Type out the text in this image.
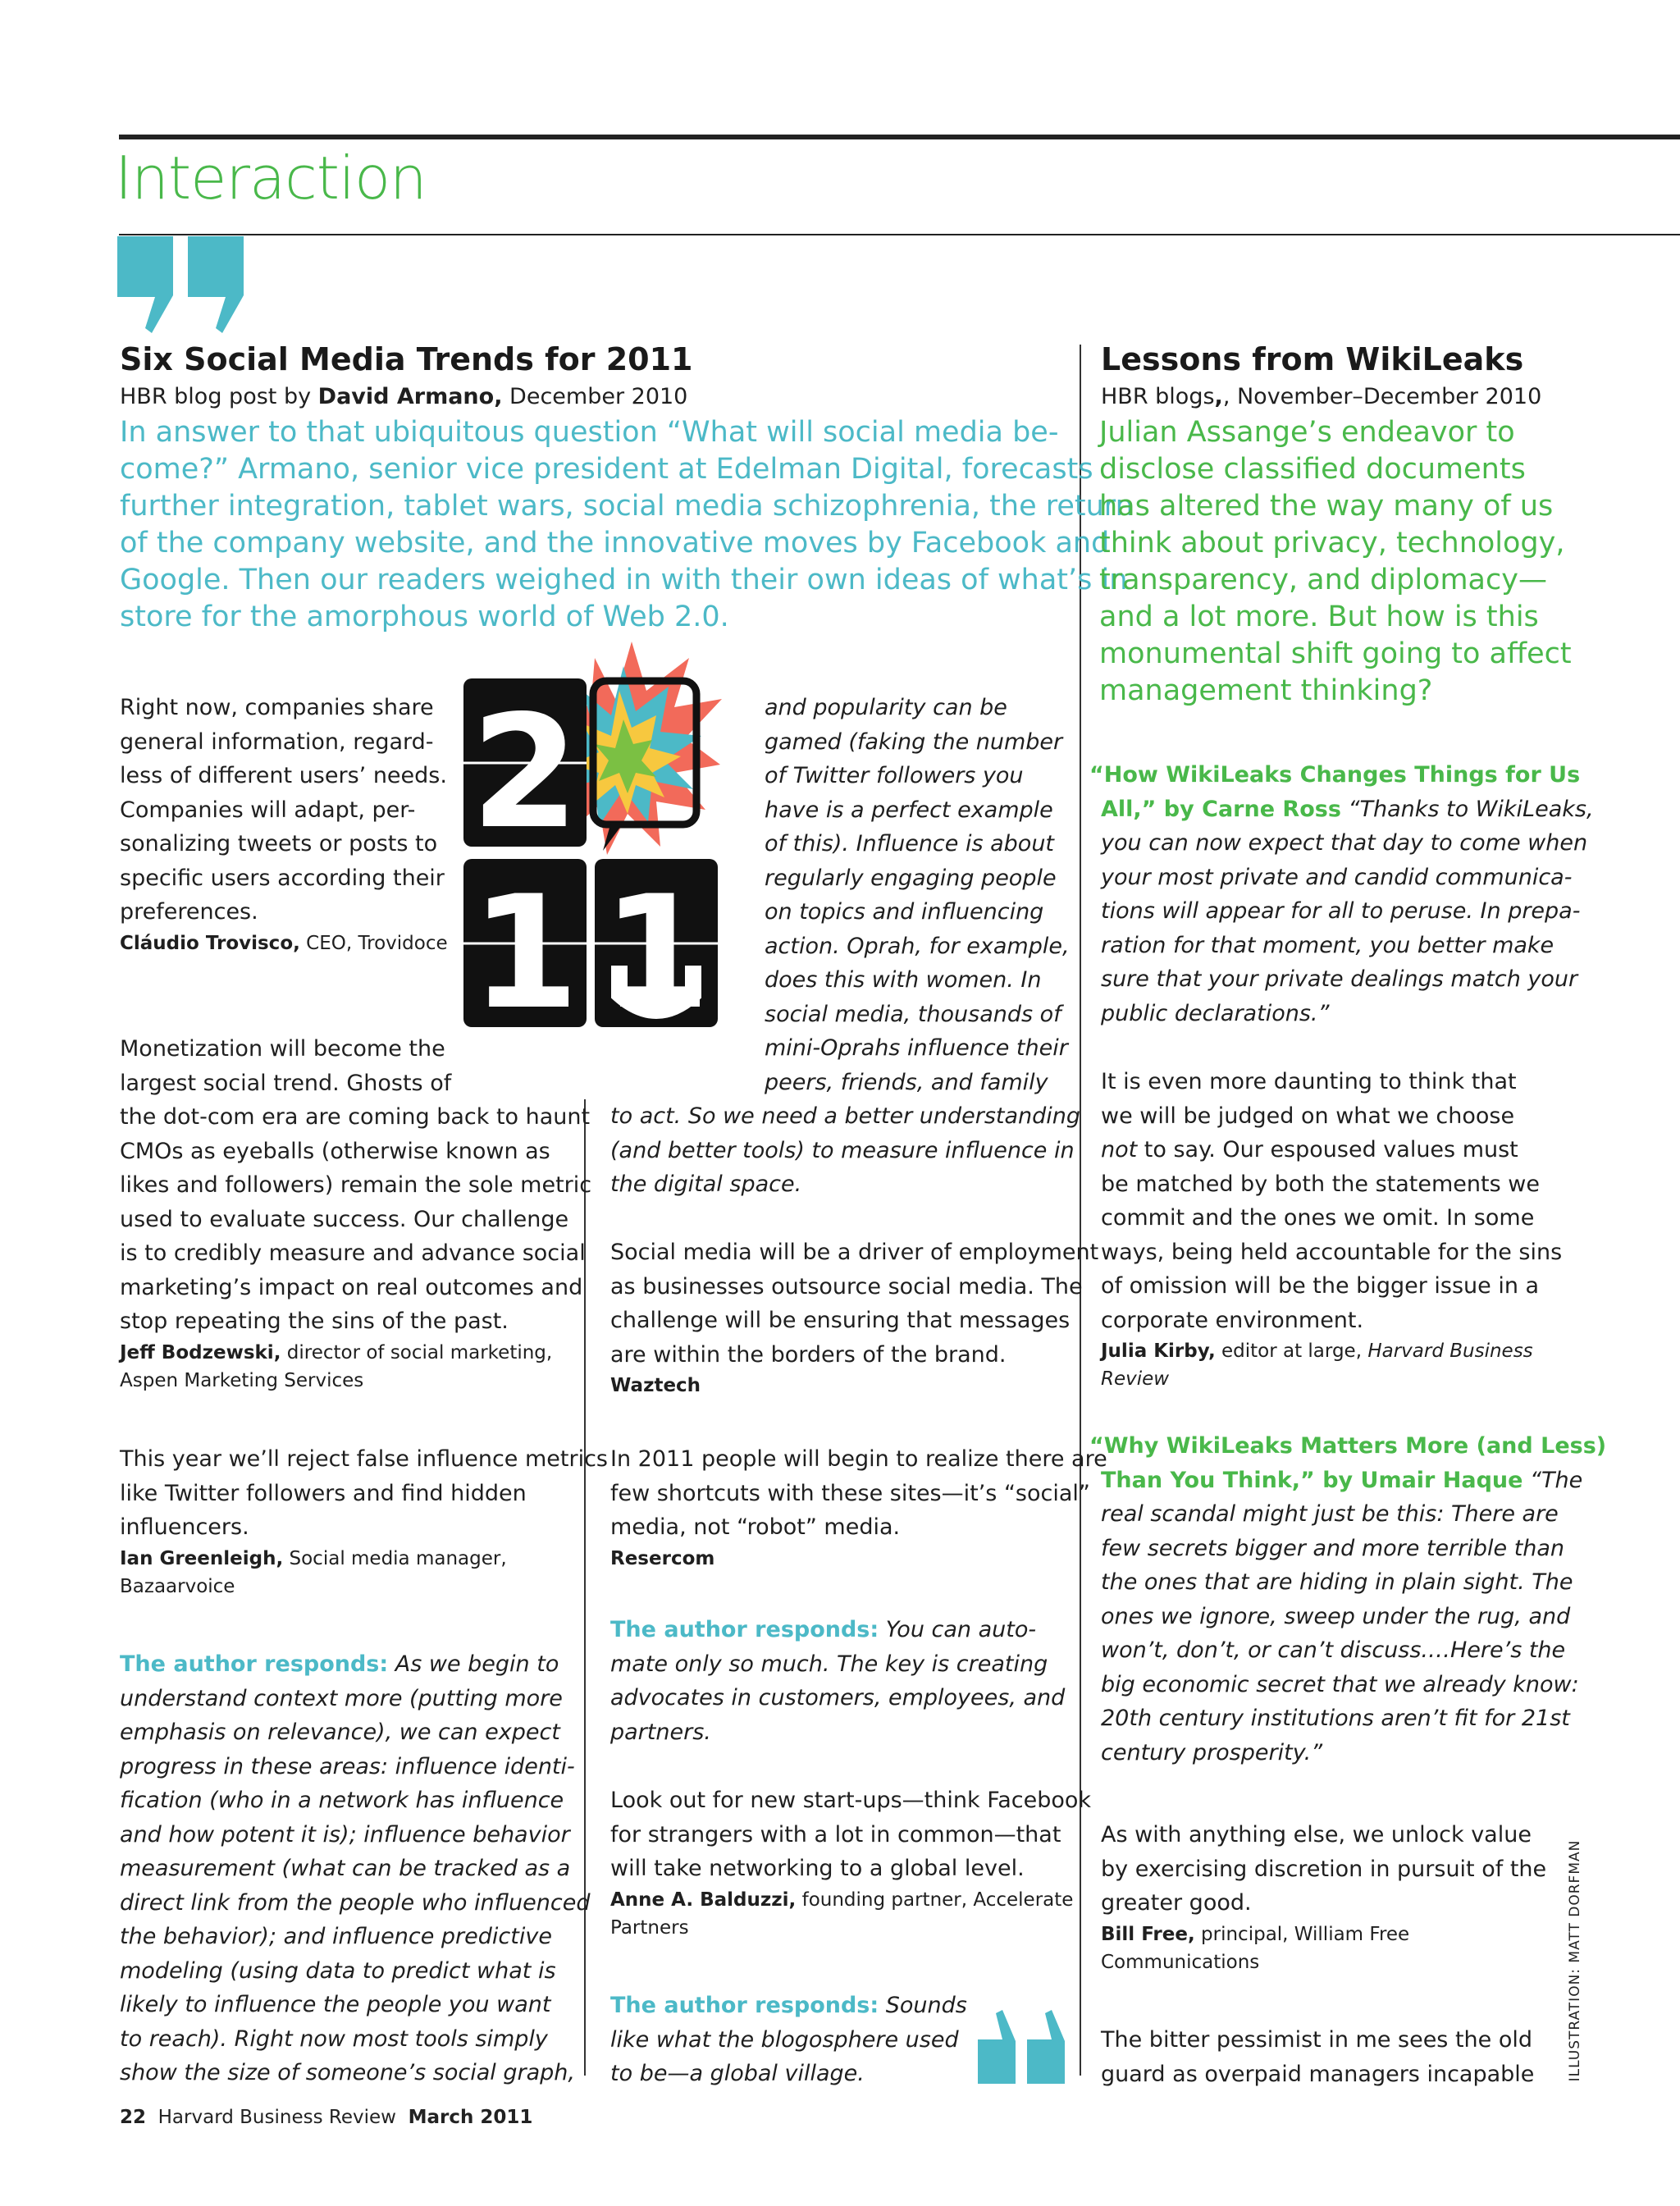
Interaction
Six Social Media Trends for 2011
HBR blog post by David Armano, December 2010
In answer to that ubiquitous question “What will social media be-
come?” Armano, senior vice president at Edelman Digital, forecasts
further integration, tablet wars, social media schizophrenia, the return
of the company website, and the innovative moves by Facebook and
Google. Then our readers weighed in with their own ideas of what’s in
store for the amorphous world of Web 2.0.
2
1 1
Right now, companies share
general information, regard-
less of different users’ needs.
Companies will adapt, per-
sonalizing tweets or posts to
specific users according their
preferences.
Cláudio Trovisco, CEO, Trovidoce
Monetization will become the
largest social trend. Ghosts of
the dot-com era are coming back to haunt
CMOs as eyeballs (otherwise known as
likes and followers) remain the sole metric
used to evaluate success. Our challenge
is to credibly measure and advance social
marketing’s impact on real outcomes and
stop repeating the sins of the past.
Jeff Bodzewski, director of social marketing,
Aspen Marketing Services
This year we’ll reject false influence metrics
like Twitter followers and find hidden
influencers.
Ian Greenleigh, Social media manager,
Bazaarvoice
The author responds: As we begin to
understand context more (putting more
emphasis on relevance), we can expect
progress in these areas: influence identi-
fication (who in a network has influence
and how potent it is); influence behavior
measurement (what can be tracked as a
direct link from the people who influenced
the behavior); and influence predictive
modeling (using data to predict what is
likely to influence the people you want
to reach). Right now most tools simply
show the size of someone’s social graph,
and popularity can be
gamed (faking the number
of Twitter followers you
have is a perfect example
of this). Influence is about
regularly engaging people
on topics and influencing
action. Oprah, for example,
does this with women. In
social media, thousands of
mini-Oprahs influence their
peers, friends, and family
to act. So we need a better understanding
(and better tools) to measure influence in
the digital space.
Social media will be a driver of employment
as businesses outsource social media. The
challenge will be ensuring that messages
are within the borders of the brand.
Waztech
In 2011 people will begin to realize there are
few shortcuts with these sites—it’s “social”
media, not “robot” media.
Resercom
The author responds: You can auto-
mate only so much. The key is creating
advocates in customers, employees, and
partners.
Look out for new start-ups—think Facebook
for strangers with a lot in common—that
will take networking to a global level.
Anne A. Balduzzi, founding partner, Accelerate
Partners
The author responds: Sounds
like what the blogosphere used
to be—a global village.
Lessons from WikiLeaks
HBR blogs,, November–December 2010
Julian Assange’s endeavor to
disclose classified documents
has altered the way many of us
think about privacy, technology,
transparency, and diplomacy—
and a lot more. But how is this
monumental shift going to affect
management thinking?
“How WikiLeaks Changes Things for Us
All,” by Carne Ross “Thanks to WikiLeaks,
you can now expect that day to come when
your most private and candid communica-
tions will appear for all to peruse. In prepa-
ration for that moment, you better make
sure that your private dealings match your
public declarations.”
It is even more daunting to think that
we will be judged on what we choose
not to say. Our espoused values must
be matched by both the statements we
commit and the ones we omit. In some
ways, being held accountable for the sins
of omission will be the bigger issue in a
corporate environment.
Julia Kirby, editor at large, Harvard Business
Review
“Why WikiLeaks Matters More (and Less)
Than You Think,” by Umair Haque “The
real scandal might just be this: There are
few secrets bigger and more terrible than
the ones that are hiding in plain sight. The
ones we ignore, sweep under the rug, and
won’t, don’t, or can’t discuss.…Here’s the
big economic secret that we already know:
20th century institutions aren’t fit for 21st
century prosperity.”
As with anything else, we unlock value
by exercising discretion in pursuit of the
greater good.
Bill Free, principal, William Free
Communications
The bitter pessimist in me sees the old
guard as overpaid managers incapable ILLUSTRATION: MATT DORFMAN
22 Harvard Business Review March 2011
